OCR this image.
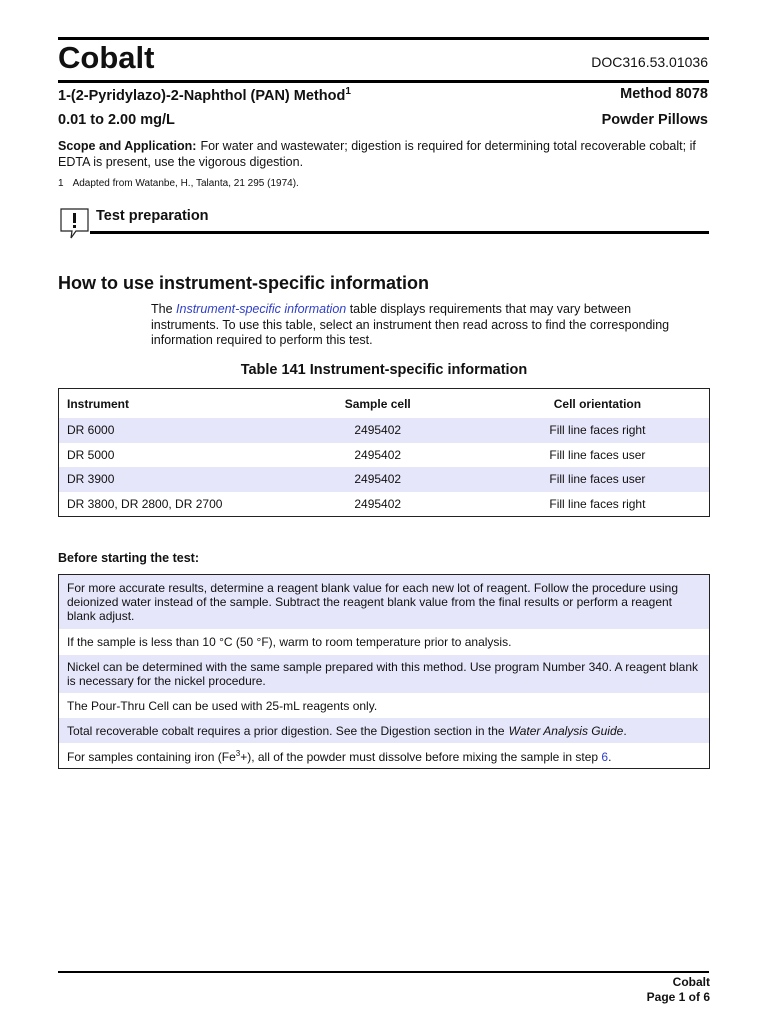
Cobalt	DOC316.53.01036
1-(2-Pyridylazo)-2-Naphthol (PAN) Method$^1$	Method 8078
0.01 to 2.00 mg/L	Powder Pillows
Scope and Application: For water and wastewater; digestion is required for determining total recoverable cobalt; if EDTA is present, use the vigorous digestion.
1 Adapted from Watanbe, H., Talanta, 21 295 (1974).
Test preparation
How to use instrument-specific information
The Instrument-specific information table displays requirements that may vary between instruments. To use this table, select an instrument then read across to find the corresponding information required to perform this test.
Table 141 Instrument-specific information
Instrument	Sample cell	Cell orientation
DR 6000	2495402	Fill line faces right
DR 5000	2495402	Fill line faces user
DR 3900	2495402	Fill line faces user
DR 3800, DR 2800, DR 2700	2495402	Fill line faces right
Before starting the test:
For more accurate results, determine a reagent blank value for each new lot of reagent. Follow the procedure using deionized water instead of the sample. Subtract the reagent blank value from the final results or perform a reagent blank adjust.
If the sample is less than 10 °C (50 °F), warm to room temperature prior to analysis.
Nickel can be determined with the same sample prepared with this method. Use program Number 340. A reagent blank is necessary for the nickel procedure.
The Pour-Thru Cell can be used with 25-mL reagents only.
Total recoverable cobalt requires a prior digestion. See the Digestion section in the Water Analysis Guide.
For samples containing iron $(Fe^3+)$, all of the powder must dissolve before mixing the sample in step 6.
Cobalt
Page 1 of 6
